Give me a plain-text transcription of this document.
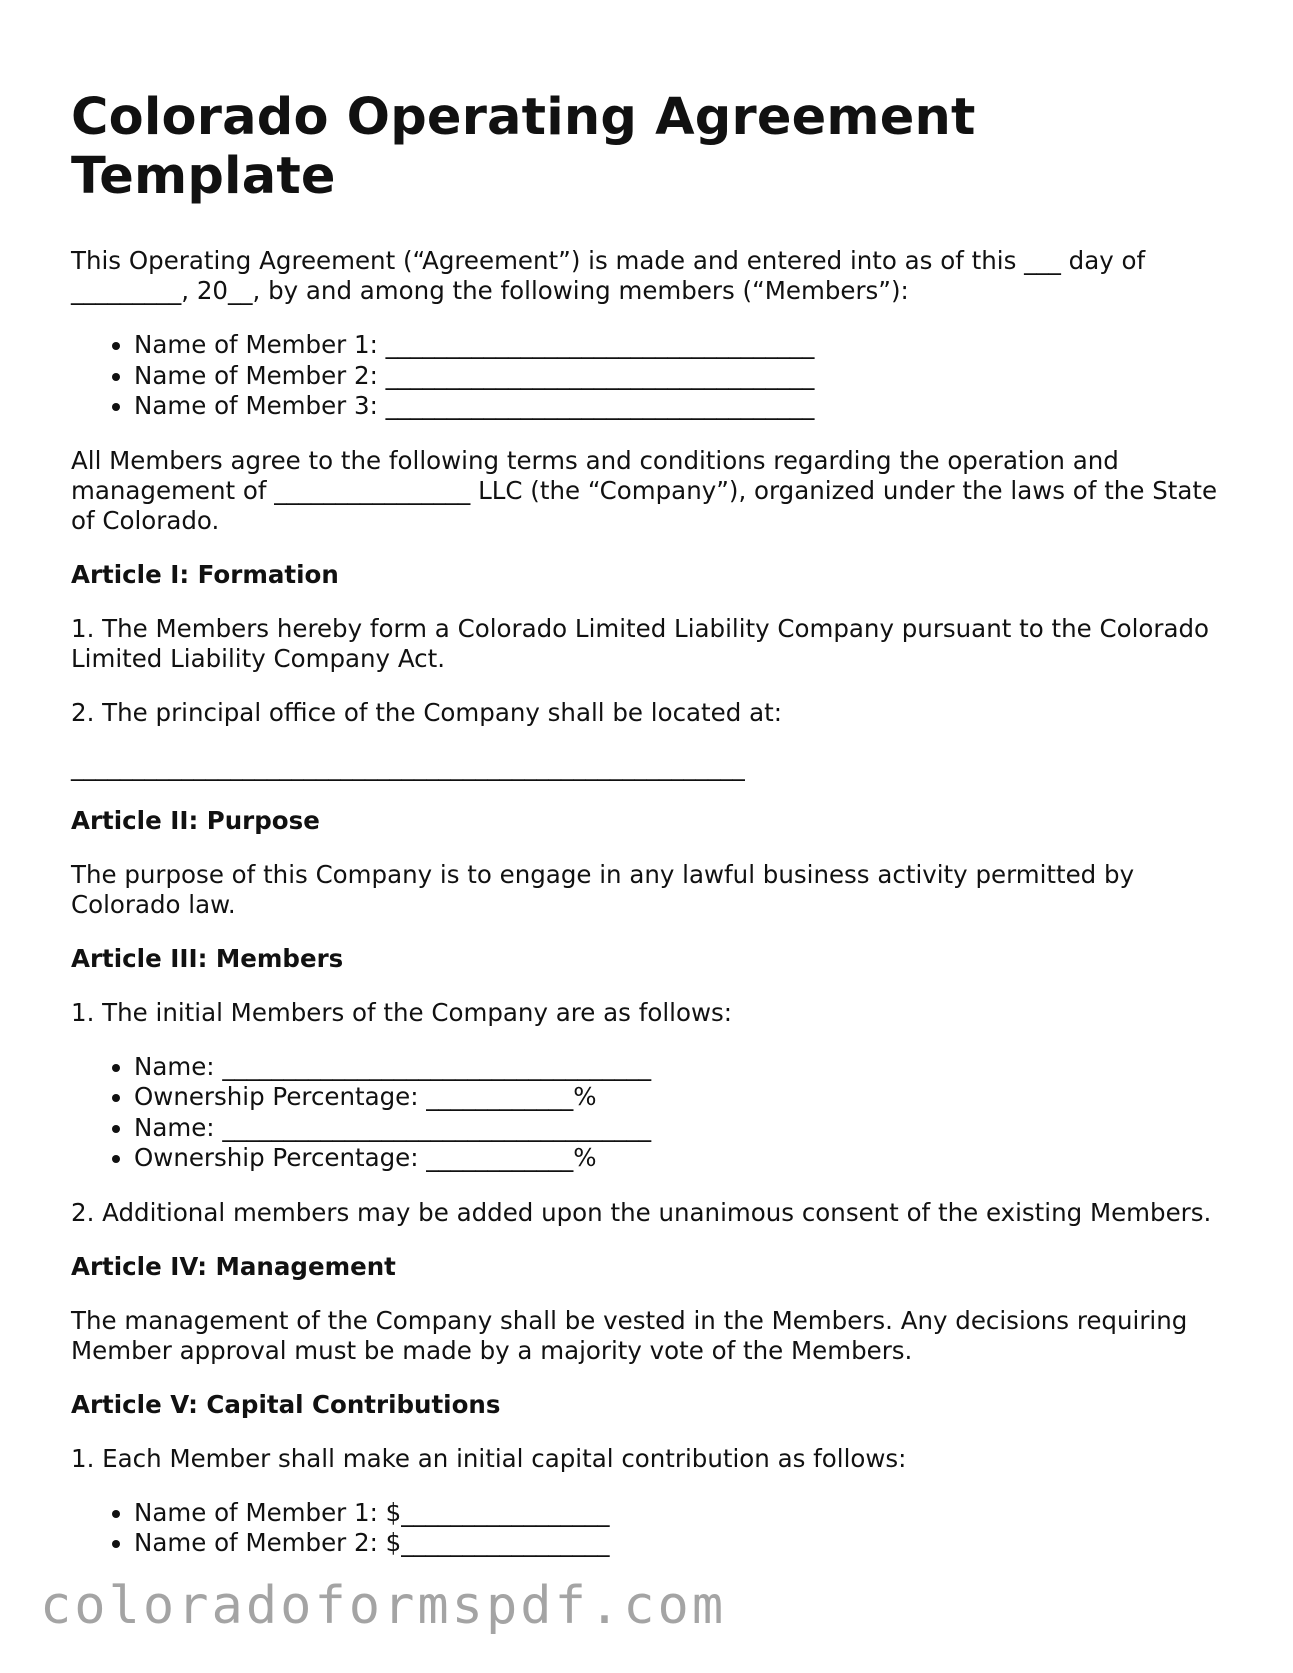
Colorado Operating Agreement Template

This Operating Agreement (“Agreement”) is made and entered into as of this ___ day of _________, 20__, by and among the following members (“Members”):

• Name of Member 1: ___________________________________
• Name of Member 2: ___________________________________
• Name of Member 3: ___________________________________

All Members agree to the following terms and conditions regarding the operation and management of ________________ LLC (the “Company”), organized under the laws of the State of Colorado.

Article I: Formation

1. The Members hereby form a Colorado Limited Liability Company pursuant to the Colorado Limited Liability Company Act.

2. The principal office of the Company shall be located at:

_______________________________________________________

Article II: Purpose

The purpose of this Company is to engage in any lawful business activity permitted by Colorado law.

Article III: Members

1. The initial Members of the Company are as follows:

• Name: ___________________________________
• Ownership Percentage: ____________%
• Name: ___________________________________
• Ownership Percentage: ____________%

2. Additional members may be added upon the unanimous consent of the existing Members.

Article IV: Management

The management of the Company shall be vested in the Members. Any decisions requiring Member approval must be made by a majority vote of the Members.

Article V: Capital Contributions

1. Each Member shall make an initial capital contribution as follows:

• Name of Member 1: $_________________
• Name of Member 2: $_________________
coloradoformspdf.com
